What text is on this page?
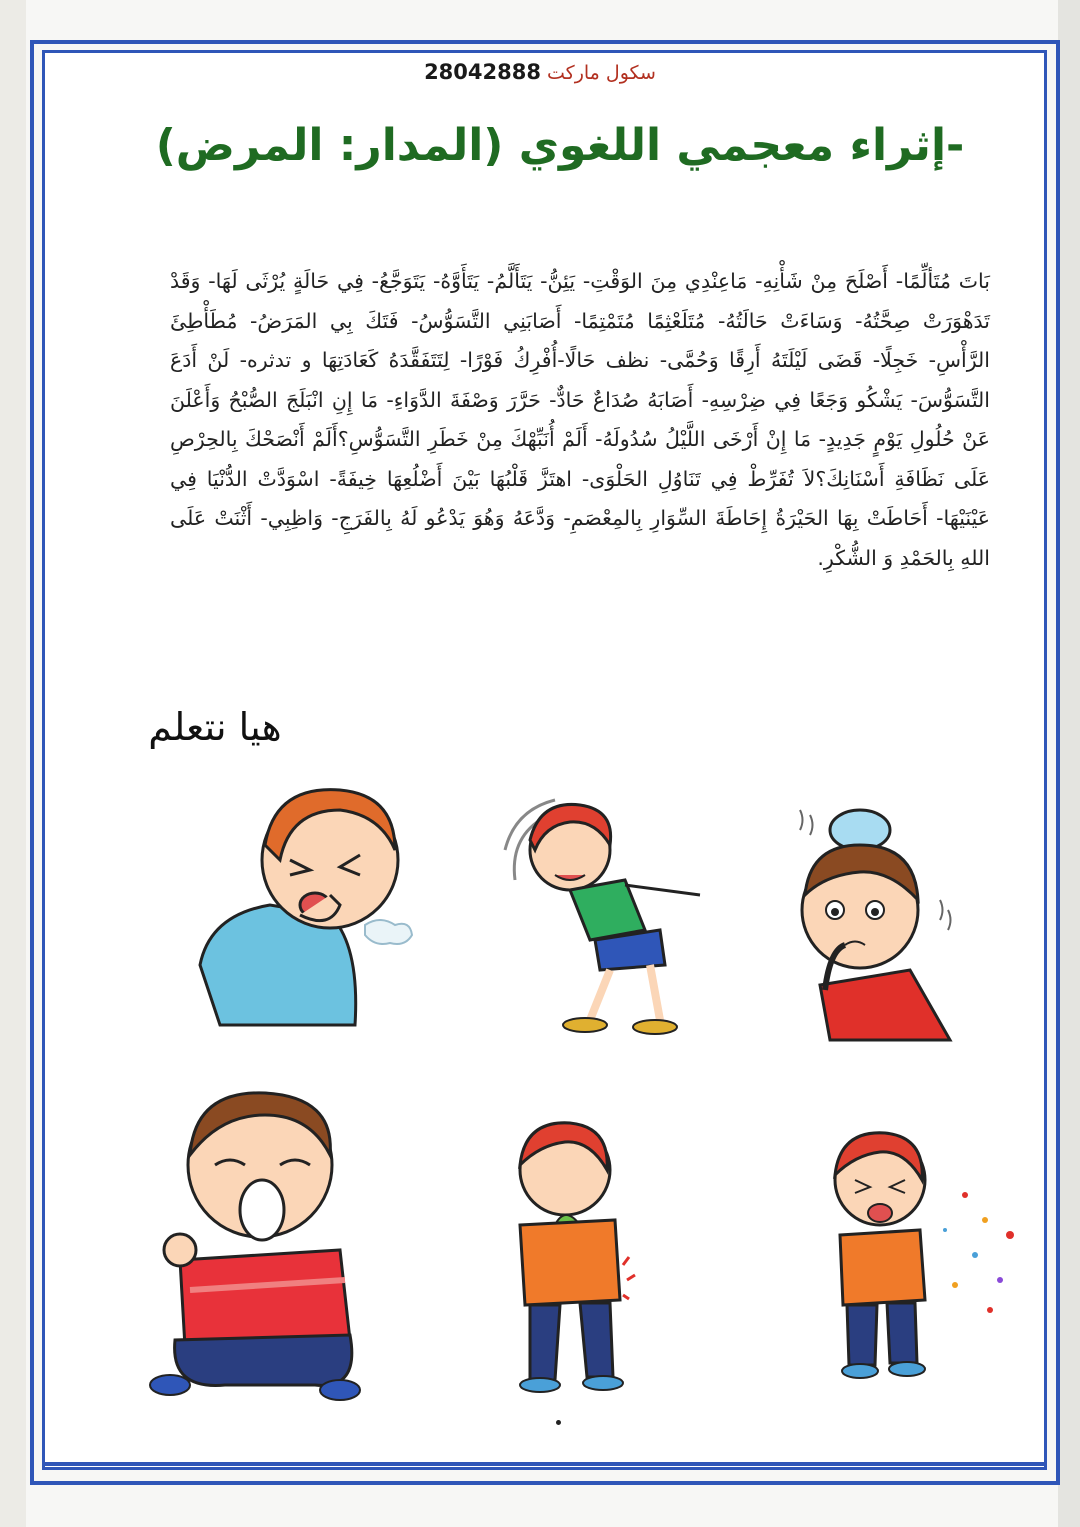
سكول ماركت 28042888
-إثراء معجمي اللغوي (المدار: المرض)
بَاتَ مُتَألِّمًا- أَصْلَحَ مِنْ شَأْنِهِ- مَاعِنْدِي مِنَ الوَقْتِ- يَئِنُّ- يَتَأَلَّمُ- يَتَأَوَّهُ- يَتَوَجَّعُ- فِي حَالَةٍ يُرْثَى لَهَا- وَقَدْ تَدَهْوَرَتْ صِحَّتُهُ- وَسَاءَتْ حَالَتُهُ- مُتَلَعْثِمًا مُتَمْتِمًا- أَصَابَنِي التَّسَوُّسُ- فَتَكَ بِي المَرَضُ- مُطَأْطِئَ الرَّأْسِ- خَجِلًا- قَضَى لَيْلَتَهُ أَرِقًا وَحُمَّى- نظف حَالًا-أُفْرِكُ فَوْرًا- لِتَتَفَقَّدَهُ كَعَادَتِهَا و تدثره- لَنْ أَدَعَ التَّسَوُّسَ- يَشْكُو وَجَعًا فِي ضِرْسِهِ- أَصَابَهُ صُدَاعٌ حَادٌّ- حَرَّرَ وَصْفَةَ الدَّوَاءِ- مَا إِنِ انْبَلَجَ الصُّبْحُ وَأَعْلَنَ عَنْ حُلُولِ يَوْمٍ جَدِيدٍ- مَا إِنْ أَرْخَى اللَّيْلُ سُدُولَهُ- أَلَمْ أُنَبِّهْكَ مِنْ خَطَرِ التَّسَوُّسِ؟أَلَمْ أَنْصَحْكَ بِالحِرْصِ عَلَى نَظَافَةِ أَسْنَانِكَ؟لاَ تُفَرِّطْ فِي تَنَاوُلِ الحَلْوَى- اهتَزَّ قَلْبُهَا بَيْنَ أَضْلُعِهَا خِيفَةً- اسْوَدَّتْ الدُّنْيَا فِي عَيْنَيْهَا- أَحَاطَتْ بِهَا الحَيْرَةُ إِحَاطَةَ السِّوَارِ بِالمِعْصَمِ- وَدَّعَهُ وَهُوَ يَدْعُو لَهُ بِالفَرَجِ- وَاظِبِي- أَثْنَتْ عَلَى اللهِ بِالحَمْدِ وَ الشُّكْرِ.
هيا نتعلم
